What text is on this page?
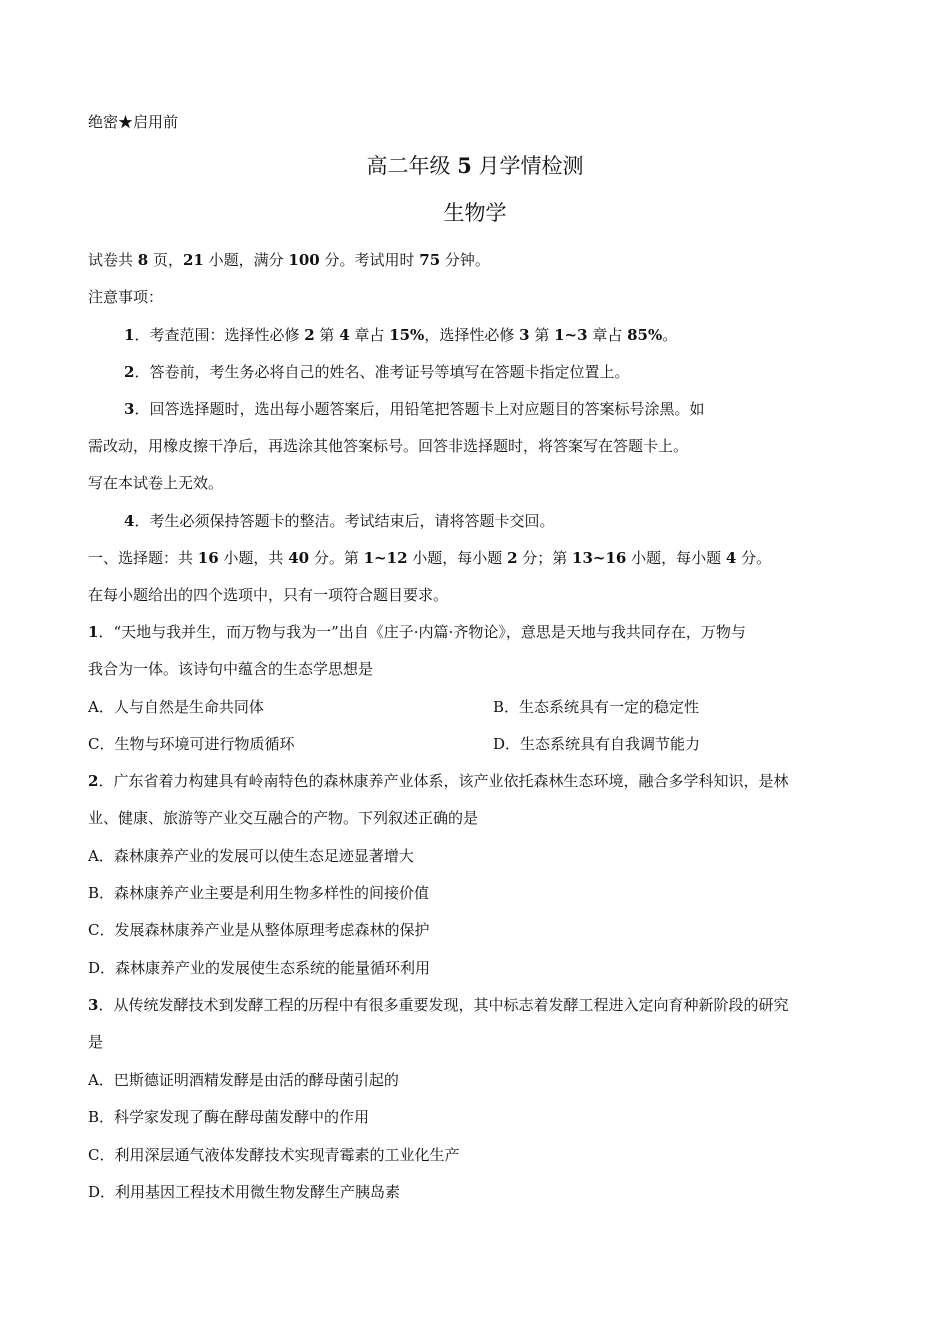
绝密★启用前
高二年级 5 月学情检测
生物学
试卷共 8 页，21 小题，满分 100 分。考试用时 75 分钟。
注意事项：
1．考查范围：选择性必修 2 第 4 章占 15%，选择性必修 3 第 1~3 章占 85%。
2．答卷前，考生务必将自己的姓名、准考证号等填写在答题卡指定位置上。
3．回答选择题时，选出每小题答案后，用铅笔把答题卡上对应题目的答案标号涂黑。如
需改动，用橡皮擦干净后，再选涂其他答案标号。回答非选择题时，将答案写在答题卡上。
写在本试卷上无效。
4．考生必须保持答题卡的整洁。考试结束后，请将答题卡交回。
一、选择题：共 16 小题，共 40 分。第 1~12 小题，每小题 2 分；第 13~16 小题，每小题 4 分。
在每小题给出的四个选项中，只有一项符合题目要求。
1．“天地与我并生，而万物与我为一”出自《庄子·内篇·齐物论》，意思是天地与我共同存在，万物与
我合为一体。该诗句中蕴含的生态学思想是
A．人与自然是生命共同体	B．生态系统具有一定的稳定性
C．生物与环境可进行物质循环	D．生态系统具有自我调节能力
2．广东省着力构建具有岭南特色的森林康养产业体系，该产业依托森林生态环境，融合多学科知识，是林
业、健康、旅游等产业交互融合的产物。下列叙述正确的是
A．森林康养产业的发展可以使生态足迹显著增大
B．森林康养产业主要是利用生物多样性的间接价值
C．发展森林康养产业是从整体原理考虑森林的保护
D．森林康养产业的发展使生态系统的能量循环利用
3．从传统发酵技术到发酵工程的历程中有很多重要发现，其中标志着发酵工程进入定向育种新阶段的研究
是
A．巴斯德证明酒精发酵是由活的酵母菌引起的
B．科学家发现了酶在酵母菌发酵中的作用
C．利用深层通气液体发酵技术实现青霉素的工业化生产
D．利用基因工程技术用微生物发酵生产胰岛素
